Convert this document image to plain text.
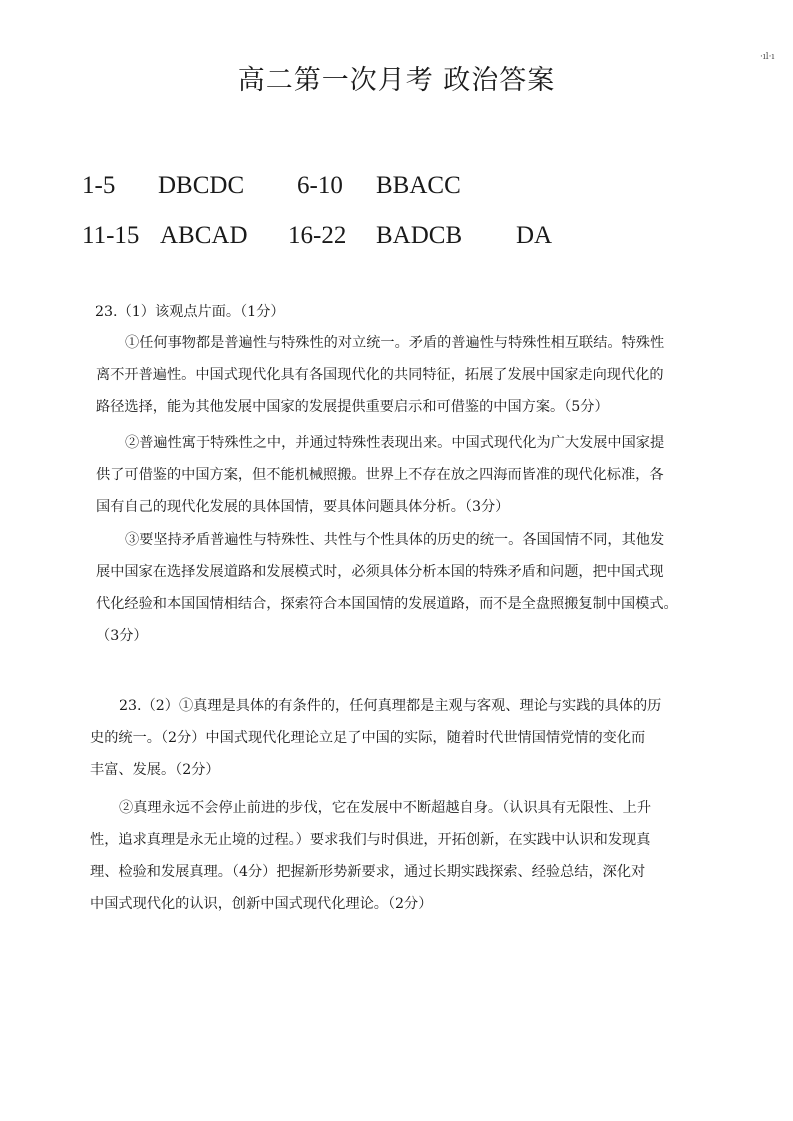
高二第一次月考 政治答案
·ıl·ı
1-5 DBCDC 6-10 BBACC
11-15 ABCAD 16-22 BADCB DA
23.（1）该观点片面。（1分）
①任何事物都是普遍性与特殊性的对立统一。矛盾的普遍性与特殊性相互联结。特殊性
离不开普遍性。中国式现代化具有各国现代化的共同特征，拓展了发展中国家走向现代化的
路径选择，能为其他发展中国家的发展提供重要启示和可借鉴的中国方案。（5分）
②普遍性寓于特殊性之中，并通过特殊性表现出来。中国式现代化为广大发展中国家提
供了可借鉴的中国方案，但不能机械照搬。世界上不存在放之四海而皆准的现代化标准，各
国有自己的现代化发展的具体国情，要具体问题具体分析。（3分）
③要坚持矛盾普遍性与特殊性、共性与个性具体的历史的统一。各国国情不同，其他发
展中国家在选择发展道路和发展模式时，必须具体分析本国的特殊矛盾和问题，把中国式现
代化经验和本国国情相结合，探索符合本国国情的发展道路，而不是全盘照搬复制中国模式。
（3分）
23.（2）①真理是具体的有条件的，任何真理都是主观与客观、理论与实践的具体的历
史的统一。（2分）中国式现代化理论立足了中国的实际，随着时代世情国情党情的变化而
丰富、发展。（2分）
②真理永远不会停止前进的步伐，它在发展中不断超越自身。（认识具有无限性、上升
性，追求真理是永无止境的过程。）要求我们与时俱进，开拓创新，在实践中认识和发现真
理、检验和发展真理。（4分）把握新形势新要求，通过长期实践探索、经验总结，深化对
中国式现代化的认识，创新中国式现代化理论。（2分）
